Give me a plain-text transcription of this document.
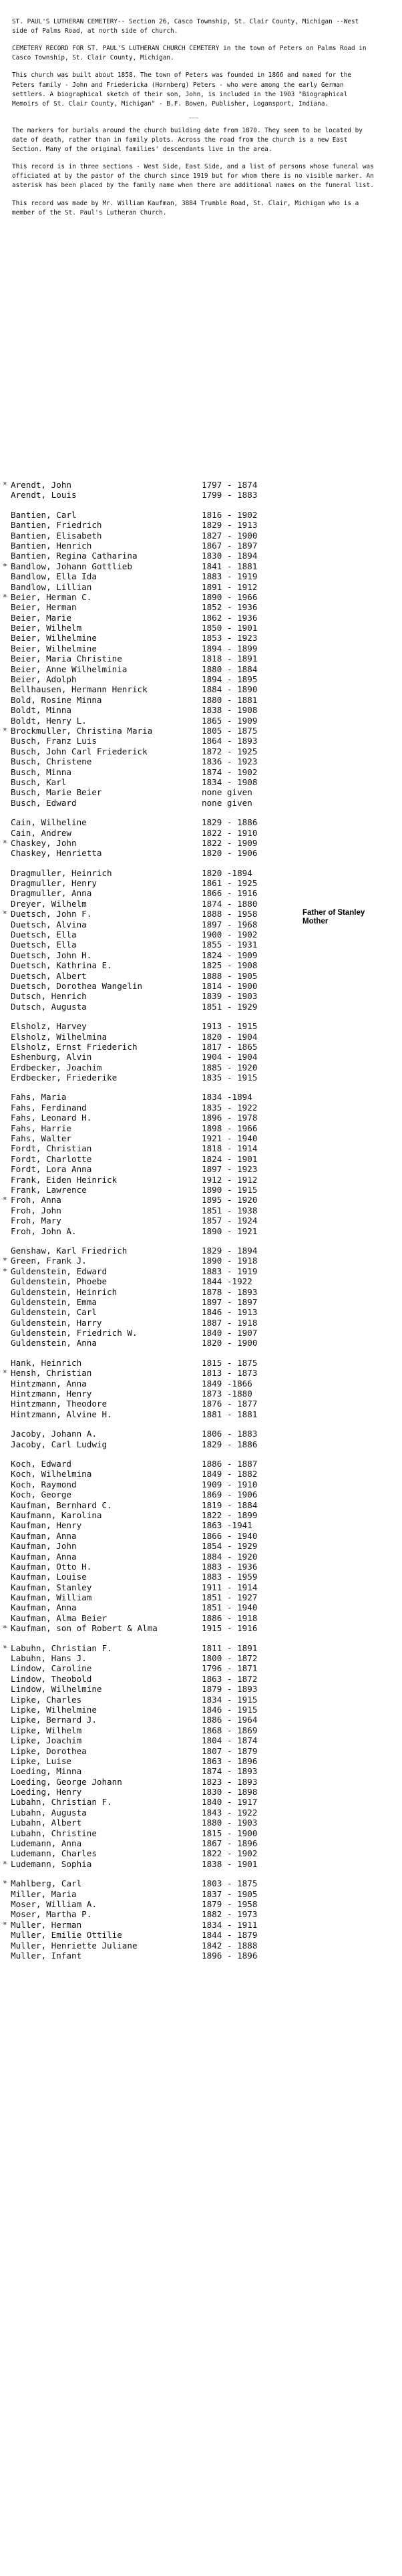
ST. PAUL'S LUTHERAN CEMETERY-- Section 26, Casco Township, St. Clair County, Michigan --West side of Palms Road, at north side of church.

CEMETERY RECORD FOR ST. PAUL'S LUTHERAN CHURCH CEMETERY in the town of Peters on Palms Road in Casco Township, St. Clair County, Michigan.

This church was built about 1858. The town of Peters was founded in 1866 and named for the Peters family - John and Friedericka (Hornberg) Peters - who were among the early German settlers. A biographical sketch of their son, John, is included in the 1903 "Biographical Memoirs of St. Clair County, Michigan" - B.F. Bowen, Publisher, Logansport, Indiana.

~~~

The markers for burials around the church building date from 1870. They seem to be located by date of death, rather than in family plots. Across the road from the church is a new East Section. Many of the original families' descendants live in the area.

This record is in three sections - West Side, East Side, and a list of persons whose funeral was officiated at by the pastor of the church since 1919 but for whom there is no visible marker. An asterisk has been placed by the family name when there are additional names on the funeral list.

This record was made by Mr. William Kaufman, 3884 Trumble Road, St. Clair, Michigan who is a member of the St. Paul's Lutheran Church.

* Arendt, John	1797 - 1874
Arendt, Louis	1799 - 1883
Bantien, Carl	1816 - 1902
Bantien, Friedrich	1829 - 1913
Bantien, Elisabeth	1827 - 1900
Bantien, Henrich	1867 - 1897
Bantien, Regina Catharina	1830 - 1894
* Bandlow, Johann Gottlieb	1841 - 1881
Bandlow, Ella Ida	1883 - 1919
Bandlow, Lillian	1891 - 1912
* Beier, Herman C.	1890 - 1966
Beier, Herman	1852 - 1936
Beier, Marie	1862 - 1936
Beier, Wilhelm	1850 - 1901
Beier, Wilhelmine	1853 - 1923
Beier, Wilhelmine	1894 - 1899
Beier, Maria Christine	1818 - 1891
Beier, Anne Wilhelminia	1880 - 1884
Beier, Adolph	1894 - 1895
Bellhausen, Hermann Henrick	1884 - 1890
Bold, Rosine Minna	1880 - 1881
Boldt, Minna	1838 - 1908
Boldt, Henry L.	1865 - 1909
* Brockmuller, Christina Maria	1805 - 1875
Busch, Franz Luis	1864 - 1893
Busch, John Carl Friederick	1872 - 1925
Busch, Christene	1836 - 1923
Busch, Minna	1874 - 1902
Busch, Karl	1834 - 1908
Busch, Marie Beier	none given
Busch, Edward	none given
Cain, Wilheline	1829 - 1886
Cain, Andrew	1822 - 1910
* Chaskey, John	1822 - 1909
Chaskey, Henrietta	1820 - 1906
Dragmuller, Heinrich	1820 -1894
Dragmuller, Henry	1861 - 1925
Dragmuller, Anna	1866 - 1916
Dreyer, Wilhelm	1874 - 1880
* Duetsch, John F.	1888 - 1958	Father of Stanley Mother
Duetsch, Alvina	1897 - 1968
Duetsch, Ella	1900 - 1902
Duetsch, Ella	1855 - 1931
Duetsch, John H.	1824 - 1909
Duetsch, Kathrina E.	1825 - 1908
Duetsch, Albert	1888 - 1905
Duetsch, Dorothea Wangelin	1814 - 1900
Dutsch, Henrich	1839 - 1903
Dutsch, Augusta	1851 - 1929
Elsholz, Harvey	1913 - 1915
Elsholz, Wilhelmina	1820 - 1904
Elsholz, Ernst Friederich	1817 - 1865
Eshenburg, Alvin	1904 - 1904
Erdbecker, Joachim	1885 - 1920
Erdbecker, Friederike	1835 - 1915
Fahs, Maria	1834 -1894
Fahs, Ferdinand	1835 - 1922
Fahs, Leonard H.	1896 - 1978
Fahs, Harrie	1898 - 1966
Fahs, Walter	1921 - 1940
Fordt, Christian	1818 - 1914
Fordt, Charlotte	1824 - 1901
Fordt, Lora Anna	1897 - 1923
Frank, Eiden Heinrick	1912 - 1912
Frank, Lawrence	1890 - 1915
* Froh, Anna	1895 - 1920
Froh, John	1851 - 1938
Froh, Mary	1857 - 1924
Froh, John A.	1890 - 1921
Genshaw, Karl Friedrich	1829 - 1894
* Green, Frank J.	1890 - 1918
* Guldenstein, Edward	1883 - 1919
Guldenstein, Phoebe	1844 -1922
Guldenstein, Heinrich	1878 - 1893
Guldenstein, Emma	1897 - 1897
Guldenstein, Carl	1846 - 1913
Guldenstein, Harry	1887 - 1918
Guldenstein, Friedrich W.	1840 - 1907
Guldenstein, Anna	1820 - 1900
Hank, Heinrich	1815 - 1875
* Hensh, Christian	1813 - 1873
Hintzmann, Anna	1849 -1866
Hintzmann, Henry	1873 -1880
Hintzmann, Theodore	1876 - 1877
Hintzmann, Alvine H.	1881 - 1881
Jacoby, Johann A.	1806 - 1883
Jacoby, Carl Ludwig	1829 - 1886
Koch, Edward	1886 - 1887
Koch, Wilhelmina	1849 - 1882
Koch, Raymond	1909 - 1910
Koch, George	1869 - 1906
Kaufman, Bernhard C.	1819 - 1884
Kaufmann, Karolina	1822 - 1899
Kaufman, Henry	1863 -1941
Kaufman, Anna	1866 - 1940
Kaufman, John	1854 - 1929
Kaufman, Anna	1884 - 1920
Kaufman, Otto H.	1883 - 1936
Kaufman, Louise	1883 - 1959
Kaufman, Stanley	1911 - 1914
Kaufman, William	1851 - 1927
Kaufman, Anna	1851 - 1940
Kaufman, Alma Beier	1886 - 1918
* Kaufman, son of Robert & Alma	1915 - 1916
* Labuhn, Christian F.	1811 - 1891
Labuhn, Hans J.	1800 - 1872
Lindow, Caroline	1796 - 1871
Lindow, Theobold	1863 - 1872
Lindow, Wilhelmine	1879 - 1893
Lipke, Charles	1834 - 1915
Lipke, Wilhelmine	1846 - 1915
Lipke, Bernard J.	1886 - 1964
Lipke, Wilhelm	1868 - 1869
Lipke, Joachim	1804 - 1874
Lipke, Dorothea	1807 - 1879
Lipke, Luise	1863 - 1896
Loeding, Minna	1874 - 1893
Loeding, George Johann	1823 - 1893
Loeding, Henry	1830 - 1898
Lubahn, Christian F.	1840 - 1917
Lubahn, Augusta	1843 - 1922
Lubahn, Albert	1880 - 1903
Lubahn, Christine	1815 - 1900
Ludemann, Anna	1867 - 1896
Ludemann, Charles	1822 - 1902
* Ludemann, Sophia	1838 - 1901
* Mahlberg, Carl	1803 - 1875
Miller, Maria	1837 - 1905
Moser, William A.	1879 - 1958
Moser, Martha P.	1882 - 1973
* Muller, Herman	1834 - 1911
Muller, Emilie Ottilie	1844 - 1879
Muller, Henriette Juliane	1842 - 1888
Muller, Infant	1896 - 1896
